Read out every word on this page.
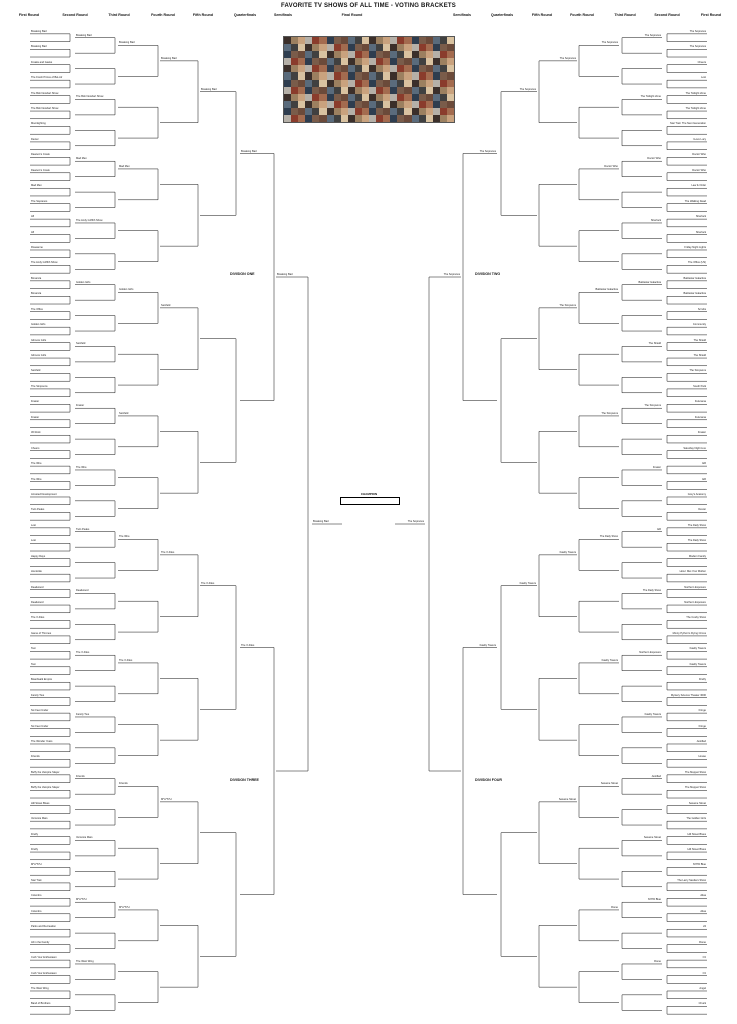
FAVORITE TV SHOWS OF ALL TIME - VOTING BRACKETS
CHAMPION
First Round	Second Round	Third Round	Fourth Round	Fifth Round	Quarterfinals	Semifinals	Final Round	Semifinals	Quarterfinals	Fifth Round	Fourth Round	Third Round	Second Round	First Round
Breaking Bad
Breaking Bad
Freaks and Geeks
The Fresh Prince of Bel-Air
The Bob Newhart Show
The Bob Newhart Show
Moonlighting
Dexter
Dawson's Creek
Dawson's Creek
Mad Men
The Sopranos
Alf
Alf
Roseanne
The Andy Griffith Show
Bonanza
Bonanza
The Office
Golden Girls
Gilmore Girls
Gilmore Girls
Seinfeld
The Simpsons
Frasier
Frasier
30 Rock
Cheers
The Wire
The Wire
Arrested Development
Twin Peaks
Lost
Lost
Happy Days
Homicide
Deadwood
Deadwood
The X-Files
Game of Thrones
Taxi
Taxi
Boardwalk Empire
Family Ties
Six Feet Under
Six Feet Under
The Wonder Years
Friends
Buffy the Vampire Slayer
Buffy the Vampire Slayer
Hill Street Blues
Veronica Mars
Firefly
Firefly
M*A*S*H
Star Trek
Columbo
Columbo
Parks and Recreation
All in the Family
Curb Your Enthusiasm
Curb Your Enthusiasm
The West Wing
Band of Brothers
Breaking Bad
The Bob Newhart Show
Mad Men
The Andy Griffith Show
Golden Girls
Seinfeld
Frasier
The Wire
Twin Peaks
Deadwood
The X-Files
Family Ties
Friends
Veronica Mars
M*A*S*H
The West Wing
Breaking Bad
Mad Men
Golden Girls
Seinfeld
The Wire
The X-Files
Friends
M*A*S*H
Breaking Bad
Seinfeld
The X-Files
M*A*S*H
Breaking Bad
The X-Files
Breaking Bad
The X-Files
Breaking Bad
Breaking Bad
The Sopranos
The Sopranos
Cheers
Lost
The Twilight Zone
The Twilight Zone
Star Trek: The Next Generation
I Love Lucy
Doctor Who
Doctor Who
Law & Order
The Walking Dead
Sherlock
Sherlock
Friday Night Lights
The Office (US)
Battlestar Galactica
Battlestar Galactica
Scrubs
Community
The Shield
The Shield
The Simpsons
South Park
Futurama
Futurama
Frasier
Saturday Night Live
ER
ER
Grey's Anatomy
Dexter
The Daily Show
The Daily Show
Modern Family
How I Met Your Mother
Northern Exposure
Northern Exposure
The Cosby Show
Monty Python's Flying Circus
Fawlty Towers
Fawlty Towers
Firefly
Mystery Science Theater 3000
Fringe
Fringe
Justified
House
The Muppet Show
The Muppet Show
Sesame Street
The Golden Girls
Hill Street Blues
Hill Street Blues
NYPD Blue
The Larry Sanders Show
Alias
Alias
24
Rome
Oz
Oz
Angel
Chuck
The Sopranos
The Twilight Zone
Doctor Who
Sherlock
Battlestar Galactica
The Shield
The Simpsons
Frasier
ER
The Daily Show
Northern Exposure
Fawlty Towers
Justified
Sesame Street
NYPD Blue
Rome
The Sopranos
Doctor Who
Battlestar Galactica
The Simpsons
The Daily Show
Fawlty Towers
Sesame Street
Rome
The Sopranos
The Simpsons
Fawlty Towers
Sesame Street
The Sopranos
Fawlty Towers
The Sopranos
Fawlty Towers
The Sopranos
The Sopranos
DIVISION ONE	DIVISION TWO
DIVISION THREE	DIVISION FOUR
